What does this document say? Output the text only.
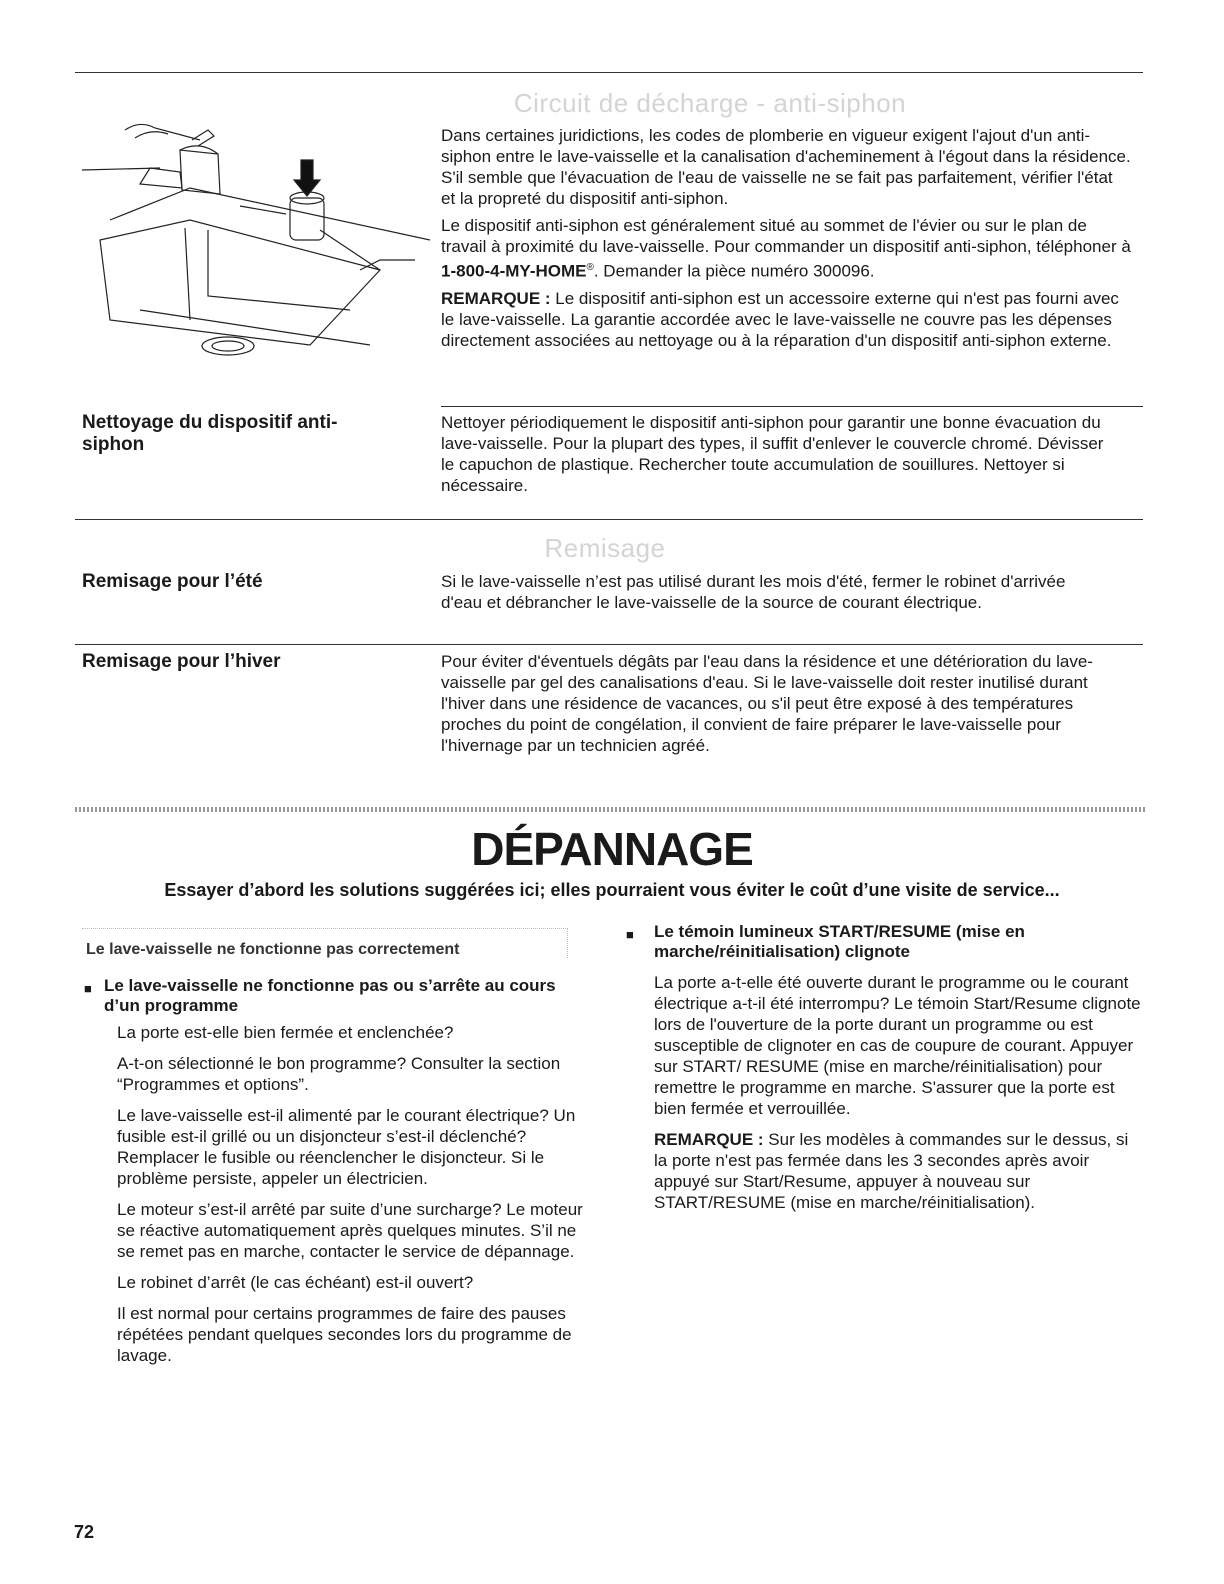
Circuit de décharge - anti-siphon

Dans certaines juridictions, les codes de plomberie en vigueur exigent l'ajout d'un anti-siphon entre le lave-vaisselle et la canalisation d'acheminement à l'égout dans la résidence. S'il semble que l'évacuation de l'eau de vaisselle ne se fait pas parfaitement, vérifier l'état et la propreté du dispositif anti-siphon.

Le dispositif anti-siphon est généralement situé au sommet de l'évier ou sur le plan de travail à proximité du lave-vaisselle. Pour commander un dispositif anti-siphon, téléphoner à 1-800-4-MY-HOME®. Demander la pièce numéro 300096.

REMARQUE : Le dispositif anti-siphon est un accessoire externe qui n'est pas fourni avec le lave-vaisselle. La garantie accordée avec le lave-vaisselle ne couvre pas les dépenses directement associées au nettoyage ou à la réparation d'un dispositif anti-siphon externe.

Nettoyage du dispositif anti-siphon
Nettoyer périodiquement le dispositif anti-siphon pour garantir une bonne évacuation du lave-vaisselle. Pour la plupart des types, il suffit d'enlever le couvercle chromé. Dévisser le capuchon de plastique. Rechercher toute accumulation de souillures. Nettoyer si nécessaire.
Remisage
Remisage pour l’été	Si le lave-vaisselle n’est pas utilisé durant les mois d'été, fermer le robinet d'arrivée d'eau et débrancher le lave-vaisselle de la source de courant électrique.
Remisage pour l’hiver	Pour éviter d'éventuels dégâts par l'eau dans la résidence et une détérioration du lave-vaisselle par gel des canalisations d'eau. Si le lave-vaisselle doit rester inutilisé durant l'hiver dans une résidence de vacances, ou s'il peut être exposé à des températures proches du point de congélation, il convient de faire préparer le lave-vaisselle pour l'hivernage par un technicien agréé.
DÉPANNAGE
Essayer d’abord les solutions suggérées ici; elles pourraient vous éviter le coût d’une visite de service...
Le lave-vaisselle ne fonctionne pas correctement
■ Le lave-vaisselle ne fonctionne pas ou s’arrête au cours d’un programme

La porte est-elle bien fermée et enclenchée?

A-t-on sélectionné le bon programme? Consulter la section “Programmes et options”.

Le lave-vaisselle est-il alimenté par le courant électrique? Un fusible est-il grillé ou un disjoncteur s’est-il déclenché? Remplacer le fusible ou réenclencher le disjoncteur. Si le problème persiste, appeler un électricien.

Le moteur s’est-il arrêté par suite d’une surcharge? Le moteur se réactive automatiquement après quelques minutes. S’il ne se remet pas en marche, contacter le service de dépannage.

Le robinet d’arrêt (le cas échéant) est-il ouvert?

Il est normal pour certains programmes de faire des pauses répétées pendant quelques secondes lors du programme de lavage.

■ Le témoin lumineux START/RESUME (mise en marche/réinitialisation) clignote

La porte a-t-elle été ouverte durant le programme ou le courant électrique a-t-il été interrompu? Le témoin Start/Resume clignote lors de l'ouverture de la porte durant un programme ou est susceptible de clignoter en cas de coupure de courant. Appuyer sur START/ RESUME (mise en marche/réinitialisation) pour remettre le programme en marche. S'assurer que la porte est bien fermée et verrouillée.

REMARQUE : Sur les modèles à commandes sur le dessus, si la porte n'est pas fermée dans les 3 secondes après avoir appuyé sur Start/Resume, appuyer à nouveau sur START/RESUME (mise en marche/réinitialisation).

72
